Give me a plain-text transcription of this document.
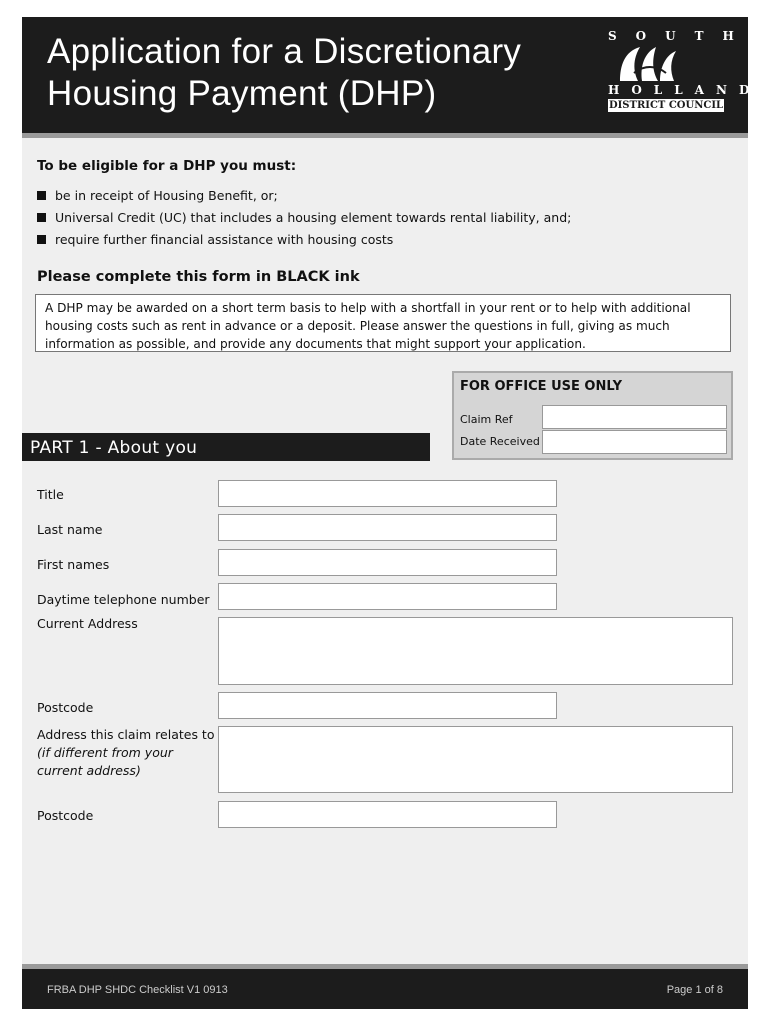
Application for a Discretionary
Housing Payment (DHP)
SOUTH
HOLLAND
DISTRICT COUNCIL
To be eligible for a DHP you must:
be in receipt of Housing Benefit, or;
Universal Credit (UC) that includes a housing element towards rental liability, and;
require further financial assistance with housing costs
Please complete this form in BLACK ink
A DHP may be awarded on a short term basis to help with a shortfall in your rent or to help with additional
housing costs such as rent in advance or a deposit. Please answer the questions in full, giving as much
information as possible, and provide any documents that might support your application.
FOR OFFICE USE ONLY
Claim Ref
Date Received
PART 1 - About you
Title
Last name
First names
Daytime telephone number
Current Address
Postcode
Address this claim relates to
(if different from your
current address)
Postcode
FRBA DHP SHDC Checklist V1 0913	Page 1 of 8
